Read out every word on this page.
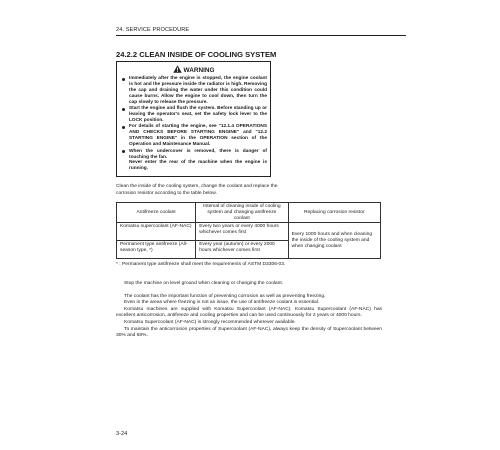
24. SERVICE PROCEDURE
24.2.2 CLEAN INSIDE OF COOLING SYSTEM
WARNING
Immediately after the engine is stopped, the engine coolant is hot and the pressure inside the radiator is high. Removing the cap and draining the water under this condition could cause burns. Allow the engine to cool down, then turn the cap slowly to release the pressure.
Start the engine and flush the system. Before standing up or leaving the operator's seat, set the safety lock lever to the LOCK position.
For details of starting the engine, see "12.1.4 OPERATIONS AND CHECKS BEFORE STARTING ENGINE" and "12.2 STARTING ENGINE" in the OPERATION section of the Operation and Maintenance Manual.
When the undercover is removed, there is danger of touching the fan.
Never enter the rear of the machine when the engine is running.
Clean the inside of the cooling system, change the coolant and replace the corrosion resistor according to the table below.
Antifreeze coolant	Interval of cleaning inside of cooling system and changing antifreeze coolant	Replacing corrosion resistor
Komatsu supercoolant (AF-NAC)	Every two years or every 4000 hours whichever comes first	Every 1000 hours and when cleaning the inside of the cooling system and when changing coolant
Permanent type antifreeze (All-season type, *)	Every year (autumn) or every 2000 hours whichever comes first	
* : Permanent type antifreeze shall meet the requirements of ASTM D3306-03.

Stop the machine on level ground when cleaning or changing the coolant.

The coolant has the important function of preventing corrosion as well as preventing freezing.

Even in the areas where freezing is not an issue, the use of antifreeze coolant is essential.

Komatsu machines are supplied with Komatsu Supercoolant (AF-NAC). Komatsu Supercoolant (AF-NAC) has excellent anticorrosion, antifreeze and cooling properties and can be used continuously for 2 years or 4000 hours.

Komatsu Supercoolant (AF-NAC) is strongly recommended wherever available.

To maintain the anticorrosion properties of Supercoolant (AF-NAC), always keep the density of Supercoolant between 30% and 68%.

3-24
